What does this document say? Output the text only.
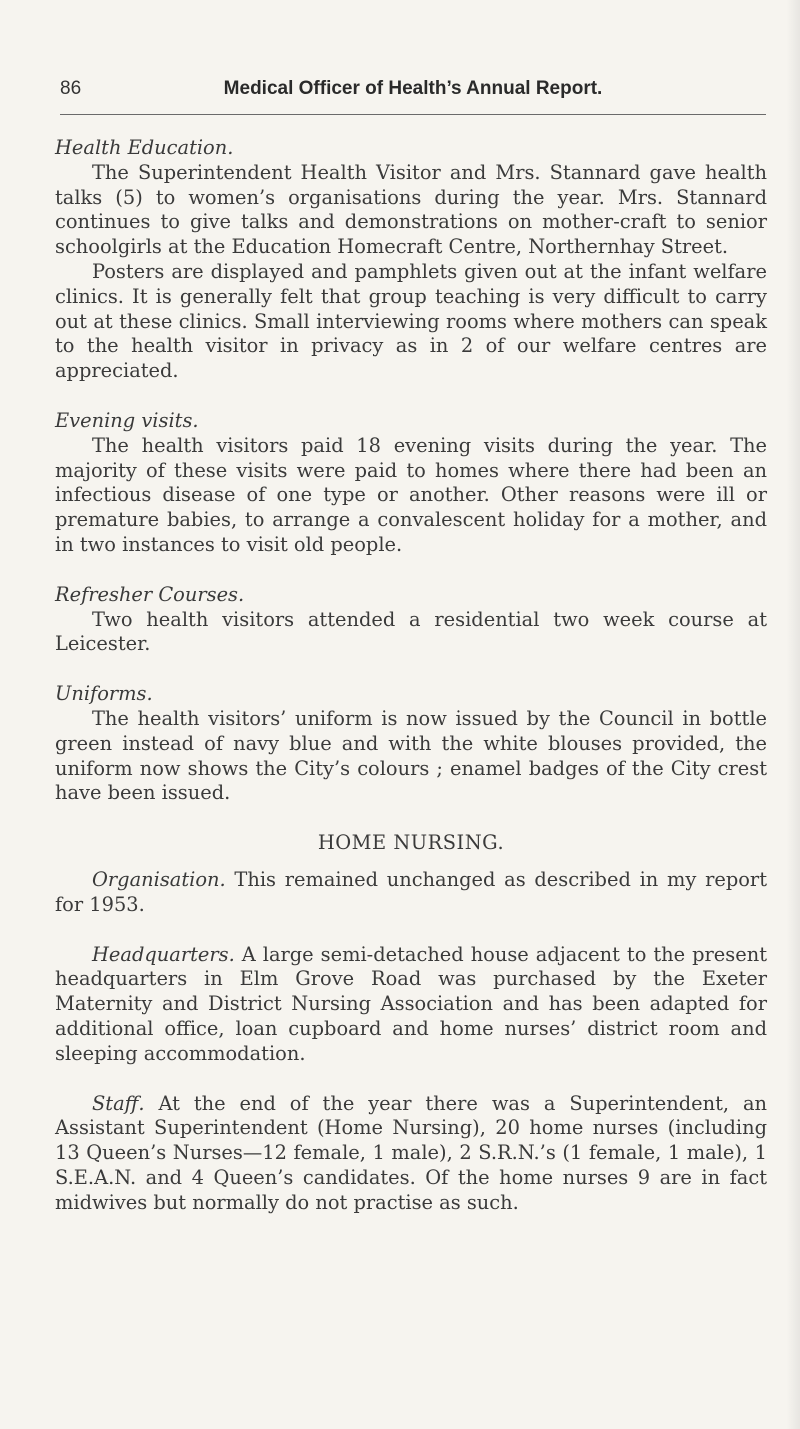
86	Medical Officer of Health’s Annual Report.

Health Education.

The Superintendent Health Visitor and Mrs. Stannard gave health talks (5) to women’s organisations during the year. Mrs. Stannard continues to give talks and demonstrations on mother-craft to senior schoolgirls at the Education Homecraft Centre, Northernhay Street.

Posters are displayed and pamphlets given out at the infant welfare clinics. It is generally felt that group teaching is very difficult to carry out at these clinics. Small interviewing rooms where mothers can speak to the health visitor in privacy as in 2 of our welfare centres are appreciated.

Evening visits.

The health visitors paid 18 evening visits during the year. The majority of these visits were paid to homes where there had been an infectious disease of one type or another. Other reasons were ill or premature babies, to arrange a convalescent holiday for a mother, and in two instances to visit old people.

Refresher Courses.

Two health visitors attended a residential two week course at Leicester.

Uniforms.

The health visitors’ uniform is now issued by the Council in bottle green instead of navy blue and with the white blouses provided, the uniform now shows the City’s colours ; enamel badges of the City crest have been issued.

HOME NURSING.

Organisation. This remained unchanged as described in my report for 1953.

Headquarters. A large semi-detached house adjacent to the present headquarters in Elm Grove Road was purchased by the Exeter Maternity and District Nursing Association and has been adapted for additional office, loan cupboard and home nurses’ district room and sleeping accommodation.

Staff. At the end of the year there was a Superintendent, an Assistant Superintendent (Home Nursing), 20 home nurses (including 13 Queen’s Nurses—12 female, 1 male), 2 S.R.N.’s (1 female, 1 male), 1 S.E.A.N. and 4 Queen’s candidates. Of the home nurses 9 are in fact midwives but normally do not practise as such.
